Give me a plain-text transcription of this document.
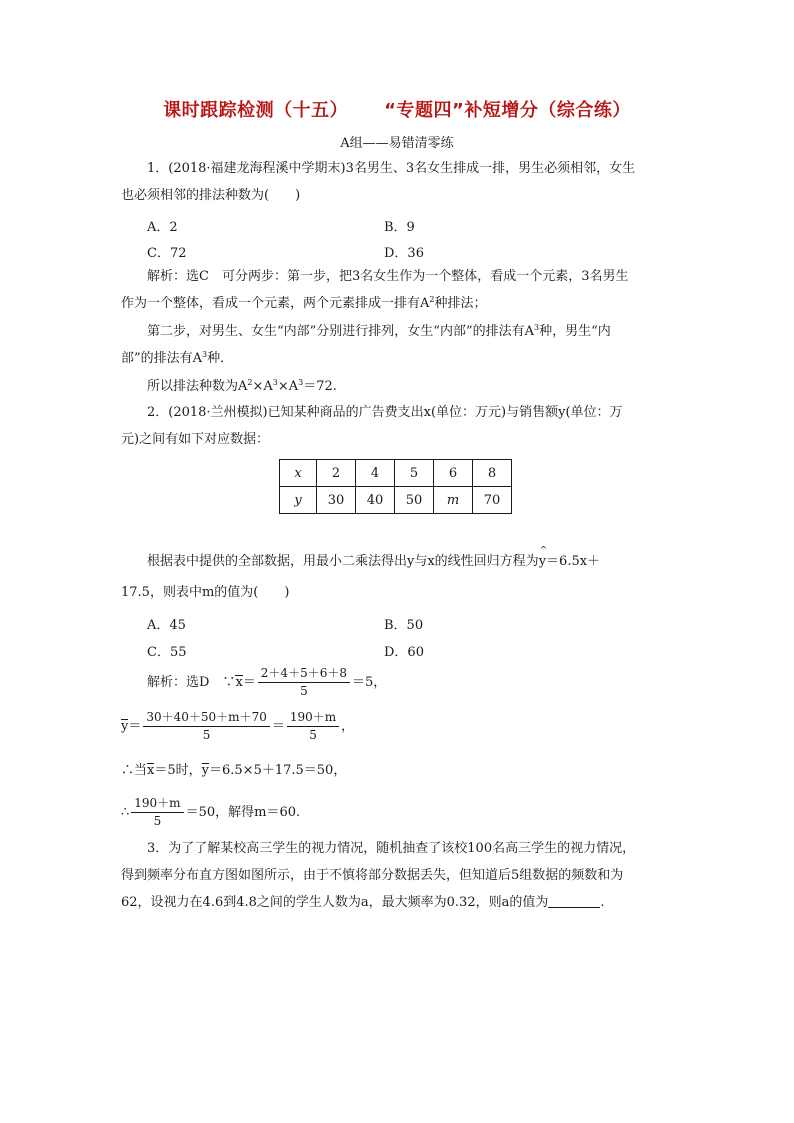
课时跟踪检测（十五） “专题四”补短增分（综合练）
A组——易错清零练
1．(2018·福建龙海程溪中学期末)3名男生、3名女生排成一排，男生必须相邻，女生
也必须相邻的排法种数为(　　)
A．2	B．9
C．72	D．36
解析：选C　可分两步：第一步，把3名女生作为一个整体，看成一个元素，3名男生
作为一个整体，看成一个元素，两个元素排成一排有$A^2$种排法；
第二步，对男生、女生“内部”分别进行排列，女生“内部”的排法有$A^3$种，男生“内
部”的排法有$A^3$种．
所以排法种数为$A^2\times A^3\times A^3=72$.
2．(2018·兰州模拟)已知某种商品的广告费支出x(单位：万元)与销售额y(单位：万
元)之间有如下对应数据：
x	2	4	5	6	8
y	30	40	50	m	70
根据表中提供的全部数据，用最小二乘法得出y与x的线性回归方程为^ y＝6.5x＋
17.5，则表中m的值为(　　)
A．45	B．50
C．55	D．60
解析：选D　∵x＝ $\frac{2+4+5+6+8}{5} =5$，
$y= \frac{30+40+50+m+70}{5} = \frac{190+m}{5}$ ，
∴当x＝5时，y＝6.5×5＋17.5＝50，
∴ $\frac{190+m}{5} =50$，解得m＝60.
3．为了了解某校高三学生的视力情况，随机抽查了该校100名高三学生的视力情况，
得到频率分布直方图如图所示，由于不慎将部分数据丢失，但知道后5组数据的频数和为
62，设视力在4.6到4.8之间的学生人数为a，最大频率为0.32，则a的值为	.
